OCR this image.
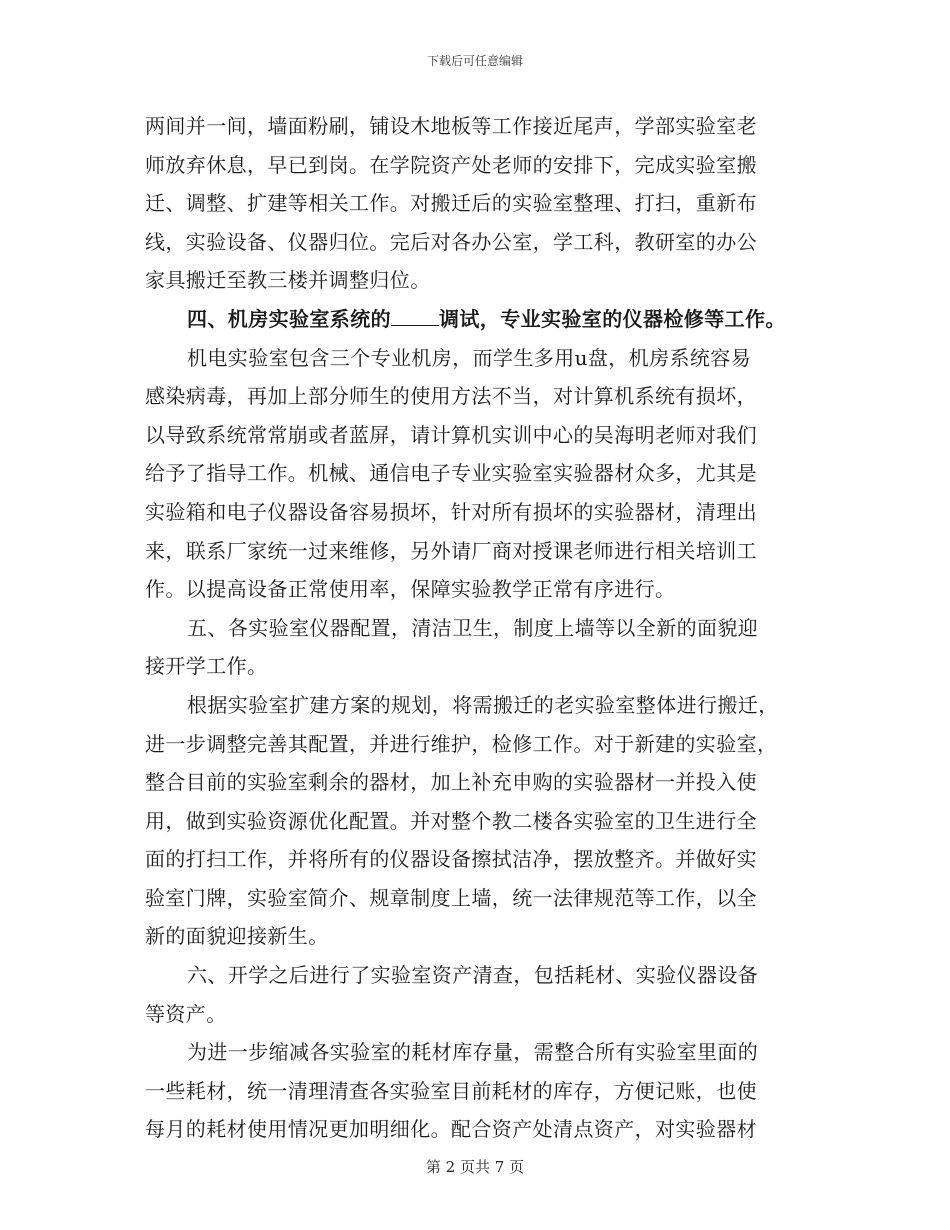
下载后可任意编辑
两间并一间，墙面粉刷，铺设木地板等工作接近尾声，学部实验室老
师放弃休息，早已到岗。在学院资产处老师的安排下，完成实验室搬
迁、调整、扩建等相关工作。对搬迁后的实验室整理、打扫，重新布
线，实验设备、仪器归位。完后对各办公室，学工科，教研室的办公
家具搬迁至教三楼并调整归位。
四、机房实验室系统的 调试，专业实验室的仪器检修等工作。
机电实验室包含三个专业机房，而学生多用u盘，机房系统容易
感染病毒，再加上部分师生的使用方法不当，对计算机系统有损坏，
以导致系统常常崩或者蓝屏，请计算机实训中心的吴海明老师对我们
给予了指导工作。机械、通信电子专业实验室实验器材众多，尤其是
实验箱和电子仪器设备容易损坏，针对所有损坏的实验器材，清理出
来，联系厂家统一过来维修，另外请厂商对授课老师进行相关培训工
作。以提高设备正常使用率，保障实验教学正常有序进行。
五、各实验室仪器配置，清洁卫生，制度上墙等以全新的面貌迎
接开学工作。
根据实验室扩建方案的规划，将需搬迁的老实验室整体进行搬迁，
进一步调整完善其配置，并进行维护，检修工作。对于新建的实验室，
整合目前的实验室剩余的器材，加上补充申购的实验器材一并投入使
用，做到实验资源优化配置。并对整个教二楼各实验室的卫生进行全
面的打扫工作，并将所有的仪器设备擦拭洁净，摆放整齐。并做好实
验室门牌，实验室简介、规章制度上墙，统一法律规范等工作，以全
新的面貌迎接新生。
六、开学之后进行了实验室资产清查，包括耗材、实验仪器设备
等资产。
为进一步缩减各实验室的耗材库存量，需整合所有实验室里面的
一些耗材，统一清理清查各实验室目前耗材的库存，方便记账，也使
每月的耗材使用情况更加明细化。配合资产处清点资产，对实验器材
第 2 页共 7 页
